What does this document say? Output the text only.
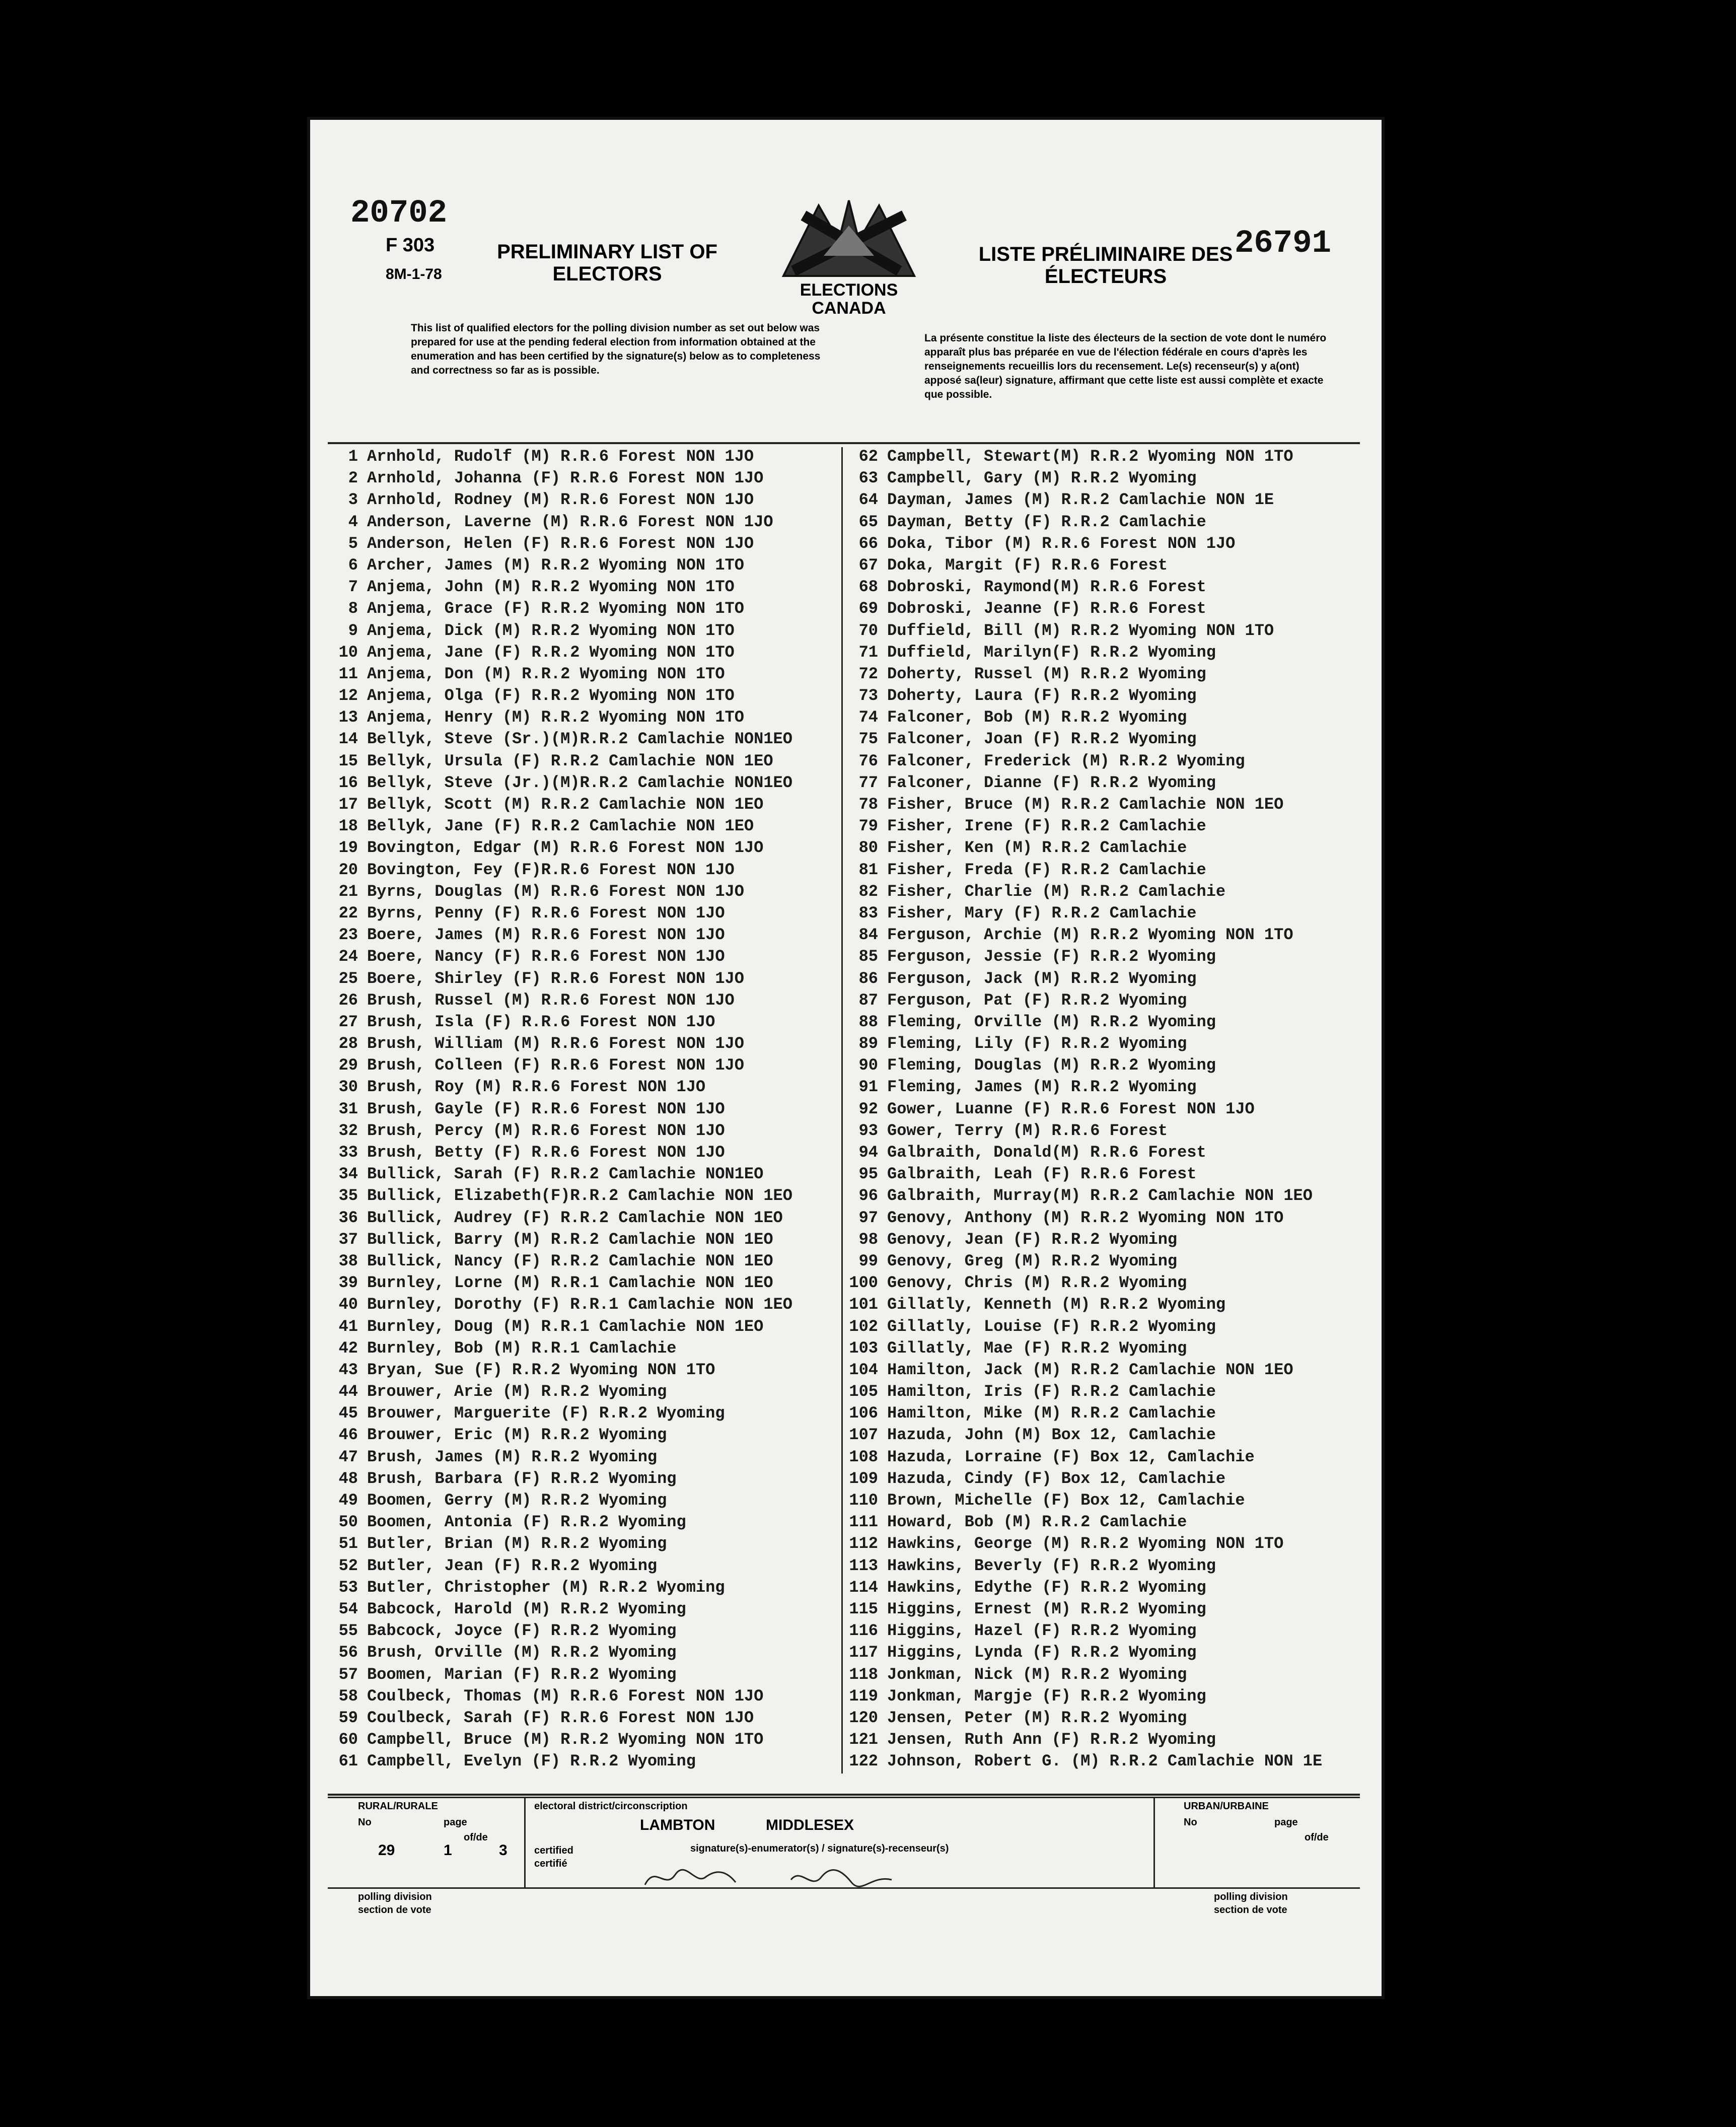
20702
26791
F 303
8M-1-78
PRELIMINARY LIST OF
ELECTORS
ELECTIONS
CANADA
LISTE PRÉLIMINAIRE DES
ÉLECTEURS
This list of qualified electors for the polling division number as set out below was prepared for use at the pending federal election from information obtained at the enumeration and has been certified by the signature(s) below as to completeness and correctness so far as is possible.
La présente constitue la liste des électeurs de la section de vote dont le numéro apparaît plus bas préparée en vue de l'élection fédérale en cours d'après les renseignements recueillis lors du recensement. Le(s) recenseur(s) y a(ont) apposé sa(leur) signature, affirmant que cette liste est aussi complète et exacte que possible.
1 Arnhold, Rudolf (M) R.R.6 Forest NON 1JO
2 Arnhold, Johanna (F) R.R.6 Forest NON 1JO
3 Arnhold, Rodney (M) R.R.6 Forest NON 1JO
4 Anderson, Laverne (M) R.R.6 Forest NON 1JO
5 Anderson, Helen (F) R.R.6 Forest NON 1JO
6 Archer, James (M) R.R.2 Wyoming NON 1TO
7 Anjema, John (M) R.R.2 Wyoming NON 1TO
8 Anjema, Grace (F) R.R.2 Wyoming NON 1TO
9 Anjema, Dick (M) R.R.2 Wyoming NON 1TO
10 Anjema, Jane (F) R.R.2 Wyoming NON 1TO
11 Anjema, Don (M) R.R.2 Wyoming NON 1TO
12 Anjema, Olga (F) R.R.2 Wyoming NON 1TO
13 Anjema, Henry (M) R.R.2 Wyoming NON 1TO
14 Bellyk, Steve (Sr.)(M)R.R.2 Camlachie NON1EO
15 Bellyk, Ursula (F) R.R.2 Camlachie NON 1EO
16 Bellyk, Steve (Jr.)(M)R.R.2 Camlachie NON1EO
17 Bellyk, Scott (M) R.R.2 Camlachie NON 1EO
18 Bellyk, Jane (F) R.R.2 Camlachie NON 1EO
19 Bovington, Edgar (M) R.R.6 Forest NON 1JO
20 Bovington, Fey (F)R.R.6 Forest NON 1JO
21 Byrns, Douglas (M) R.R.6 Forest NON 1JO
22 Byrns, Penny (F) R.R.6 Forest NON 1JO
23 Boere, James (M) R.R.6 Forest NON 1JO
24 Boere, Nancy (F) R.R.6 Forest NON 1JO
25 Boere, Shirley (F) R.R.6 Forest NON 1JO
26 Brush, Russel (M) R.R.6 Forest NON 1JO
27 Brush, Isla (F) R.R.6 Forest NON 1JO
28 Brush, William (M) R.R.6 Forest NON 1JO
29 Brush, Colleen (F) R.R.6 Forest NON 1JO
30 Brush, Roy (M) R.R.6 Forest NON 1JO
31 Brush, Gayle (F) R.R.6 Forest NON 1JO
32 Brush, Percy (M) R.R.6 Forest NON 1JO
33 Brush, Betty (F) R.R.6 Forest NON 1JO
34 Bullick, Sarah (F) R.R.2 Camlachie NON1EO
35 Bullick, Elizabeth(F)R.R.2 Camlachie NON 1EO
36 Bullick, Audrey (F) R.R.2 Camlachie NON 1EO
37 Bullick, Barry (M) R.R.2 Camlachie NON 1EO
38 Bullick, Nancy (F) R.R.2 Camlachie NON 1EO
39 Burnley, Lorne (M) R.R.1 Camlachie NON 1EO
40 Burnley, Dorothy (F) R.R.1 Camlachie NON 1EO
41 Burnley, Doug (M) R.R.1 Camlachie NON 1EO
42 Burnley, Bob (M) R.R.1 Camlachie
43 Bryan, Sue (F) R.R.2 Wyoming NON 1TO
44 Brouwer, Arie (M) R.R.2 Wyoming
45 Brouwer, Marguerite (F) R.R.2 Wyoming
46 Brouwer, Eric (M) R.R.2 Wyoming
47 Brush, James (M) R.R.2 Wyoming
48 Brush, Barbara (F) R.R.2 Wyoming
49 Boomen, Gerry (M) R.R.2 Wyoming
50 Boomen, Antonia (F) R.R.2 Wyoming
51 Butler, Brian (M) R.R.2 Wyoming
52 Butler, Jean (F) R.R.2 Wyoming
53 Butler, Christopher (M) R.R.2 Wyoming
54 Babcock, Harold (M) R.R.2 Wyoming
55 Babcock, Joyce (F) R.R.2 Wyoming
56 Brush, Orville (M) R.R.2 Wyoming
57 Boomen, Marian (F) R.R.2 Wyoming
58 Coulbeck, Thomas (M) R.R.6 Forest NON 1JO
59 Coulbeck, Sarah (F) R.R.6 Forest NON 1JO
60 Campbell, Bruce (M) R.R.2 Wyoming NON 1TO
61 Campbell, Evelyn (F) R.R.2 Wyoming
62 Campbell, Stewart(M) R.R.2 Wyoming NON 1TO
63 Campbell, Gary (M) R.R.2 Wyoming
64 Dayman, James (M) R.R.2 Camlachie NON 1E
65 Dayman, Betty (F) R.R.2 Camlachie
66 Doka, Tibor (M) R.R.6 Forest NON 1JO
67 Doka, Margit (F) R.R.6 Forest
68 Dobroski, Raymond(M) R.R.6 Forest
69 Dobroski, Jeanne (F) R.R.6 Forest
70 Duffield, Bill (M) R.R.2 Wyoming NON 1TO
71 Duffield, Marilyn(F) R.R.2 Wyoming
72 Doherty, Russel (M) R.R.2 Wyoming
73 Doherty, Laura (F) R.R.2 Wyoming
74 Falconer, Bob (M) R.R.2 Wyoming
75 Falconer, Joan (F) R.R.2 Wyoming
76 Falconer, Frederick (M) R.R.2 Wyoming
77 Falconer, Dianne (F) R.R.2 Wyoming
78 Fisher, Bruce (M) R.R.2 Camlachie NON 1EO
79 Fisher, Irene (F) R.R.2 Camlachie
80 Fisher, Ken (M) R.R.2 Camlachie
81 Fisher, Freda (F) R.R.2 Camlachie
82 Fisher, Charlie (M) R.R.2 Camlachie
83 Fisher, Mary (F) R.R.2 Camlachie
84 Ferguson, Archie (M) R.R.2 Wyoming NON 1TO
85 Ferguson, Jessie (F) R.R.2 Wyoming
86 Ferguson, Jack (M) R.R.2 Wyoming
87 Ferguson, Pat (F) R.R.2 Wyoming
88 Fleming, Orville (M) R.R.2 Wyoming
89 Fleming, Lily (F) R.R.2 Wyoming
90 Fleming, Douglas (M) R.R.2 Wyoming
91 Fleming, James (M) R.R.2 Wyoming
92 Gower, Luanne (F) R.R.6 Forest NON 1JO
93 Gower, Terry (M) R.R.6 Forest
94 Galbraith, Donald(M) R.R.6 Forest
95 Galbraith, Leah (F) R.R.6 Forest
96 Galbraith, Murray(M) R.R.2 Camlachie NON 1EO
97 Genovy, Anthony (M) R.R.2 Wyoming NON 1TO
98 Genovy, Jean (F) R.R.2 Wyoming
99 Genovy, Greg (M) R.R.2 Wyoming
100 Genovy, Chris (M) R.R.2 Wyoming
101 Gillatly, Kenneth (M) R.R.2 Wyoming
102 Gillatly, Louise (F) R.R.2 Wyoming
103 Gillatly, Mae (F) R.R.2 Wyoming
104 Hamilton, Jack (M) R.R.2 Camlachie NON 1EO
105 Hamilton, Iris (F) R.R.2 Camlachie
106 Hamilton, Mike (M) R.R.2 Camlachie
107 Hazuda, John (M) Box 12, Camlachie
108 Hazuda, Lorraine (F) Box 12, Camlachie
109 Hazuda, Cindy (F) Box 12, Camlachie
110 Brown, Michelle (F) Box 12, Camlachie
111 Howard, Bob (M) R.R.2 Camlachie
112 Hawkins, George (M) R.R.2 Wyoming NON 1TO
113 Hawkins, Beverly (F) R.R.2 Wyoming
114 Hawkins, Edythe (F) R.R.2 Wyoming
115 Higgins, Ernest (M) R.R.2 Wyoming
116 Higgins, Hazel (F) R.R.2 Wyoming
117 Higgins, Lynda (F) R.R.2 Wyoming
118 Jonkman, Nick (M) R.R.2 Wyoming
119 Jonkman, Margje (F) R.R.2 Wyoming
120 Jensen, Peter (M) R.R.2 Wyoming
121 Jensen, Ruth Ann (F) R.R.2 Wyoming
122 Johnson, Robert G. (M) R.R.2 Camlachie NON 1E
RURAL/RURALE
No	page
29	1
of/de
3
polling division
section de vote
electoral district/circonscription
LAMBTON	MIDDLESEX
signature(s)-enumerator(s) / signature(s)-recenseur(s)
certified
certifié
URBAN/URBAINE
No	page
of/de
polling division
section de vote
